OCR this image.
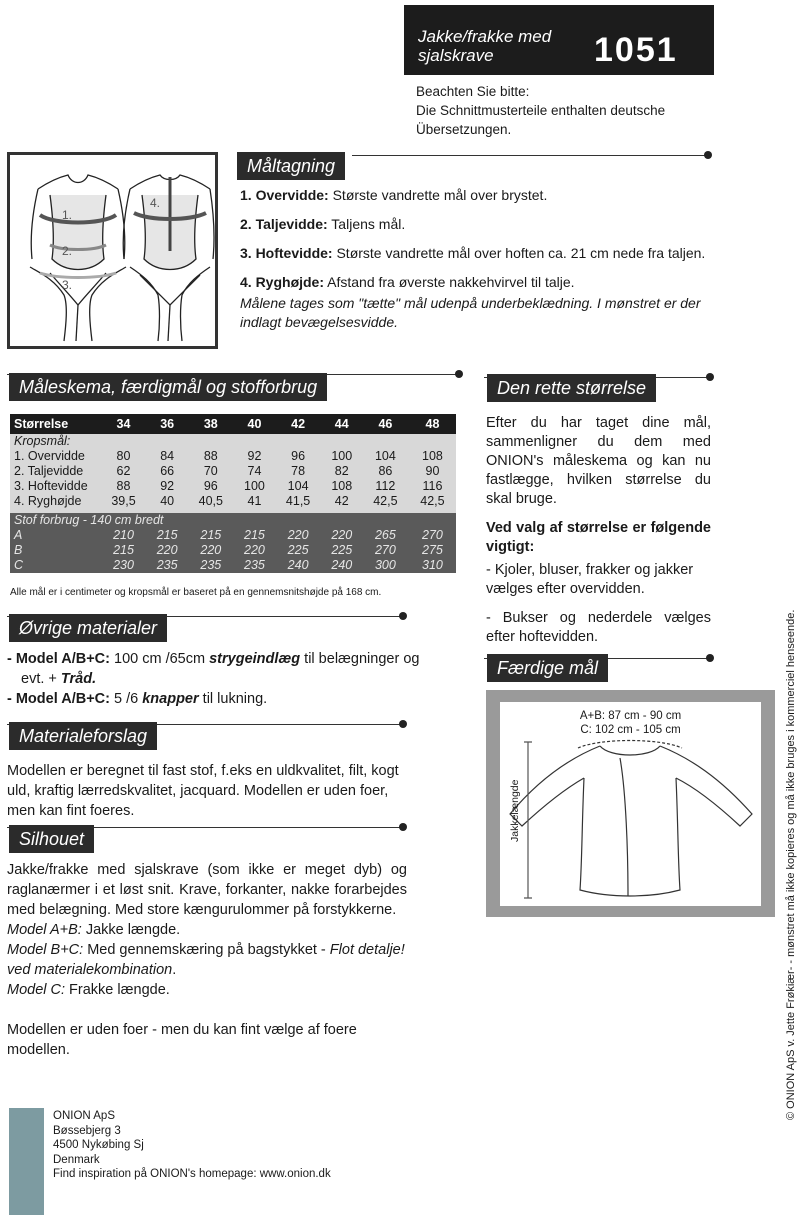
Jakke/frakke med
sjalskrave	1051
Beachten Sie bitte:
Die Schnittmusterteile enthalten deutsche
Übersetzungen.
1.
2.
3.
4.
Måltagning

1. Overvidde: Største vandrette mål over brystet.

2. Taljevidde: Taljens mål.

3. Hoftevidde: Største vandrette mål over hoften ca. 21 cm nede fra taljen.

4. Ryghøjde: Afstand fra øverste nakkehvirvel til talje.

Målene tages som "tætte" mål udenpå underbeklædning. I mønstret er der indlagt bevægelsesvidde.

Måleskema, færdigmål og stofforbrug
Størrelse	34	36	38	40	42	44	46	48
Kropsmål:								
1. Overvidde	80	84	88	92	96	100	104	108
2. Taljevidde	62	66	70	74	78	82	86	90
3. Hoftevidde	88	92	96	100	104	108	112	116
4. Ryghøjde	39,5	40	40,5	41	41,5	42	42,5	42,5

Stof forbrug - 140 cm bredt								
A	210	215	215	215	220	220	265	270
B	215	220	220	220	225	225	270	275
C	230	235	235	235	240	240	300	310
Alle mål er i centimeter og kropsmål er baseret på en gennemsnitshøjde på 168 cm.
Øvrige materialer
- Model A/B+C: 100 cm /65cm strygeindlæg til belægninger og
evt. + Tråd.
- Model A/B+C: 5 /6 knapper til lukning.
Materialeforslag
Modellen er beregnet til fast stof, f.eks en uldkvalitet, filt, kogt uld, kraftig lærredskvalitet, jacquard. Modellen er uden foer, men kan fint foeres.
Silhouet
Jakke/frakke med sjalskrave (som ikke er meget dyb) og raglanærmer i et løst snit. Krave, forkanter, nakke forarbejdes med belægning. Med store kængurulommer på forstykkerne.
Model A+B: Jakke længde.
Model B+C: Med gennemskæring på bagstykket - Flot detalje! ved materialekombination.
Model C: Frakke længde.
Modellen er uden foer - men du kan fint vælge af foere modellen.
Den rette størrelse
Efter du har taget dine mål, sammenligner du dem med ONION's måleskema og kan nu fastlægge, hvilken størrelse du skal bruge.
Ved valg af størrelse er følgende vigtigt:
- Kjoler, bluser, frakker og jakker vælges efter overvidden.
- Bukser og nederdele vælges efter hoftevidden.
Færdige mål
A+B: 87 cm - 90 cm
C: 102 cm - 105 cm
Jakkelængde
ONION ApS
Bøssebjerg 3
4500 Nykøbing Sj
Denmark
Find inspiration på ONION's homepage: www.onion.dk
© ONION ApS v. Jette Frøkiær- - mønstret må ikke kopieres og må ikke bruges i kommerciel henseende.
